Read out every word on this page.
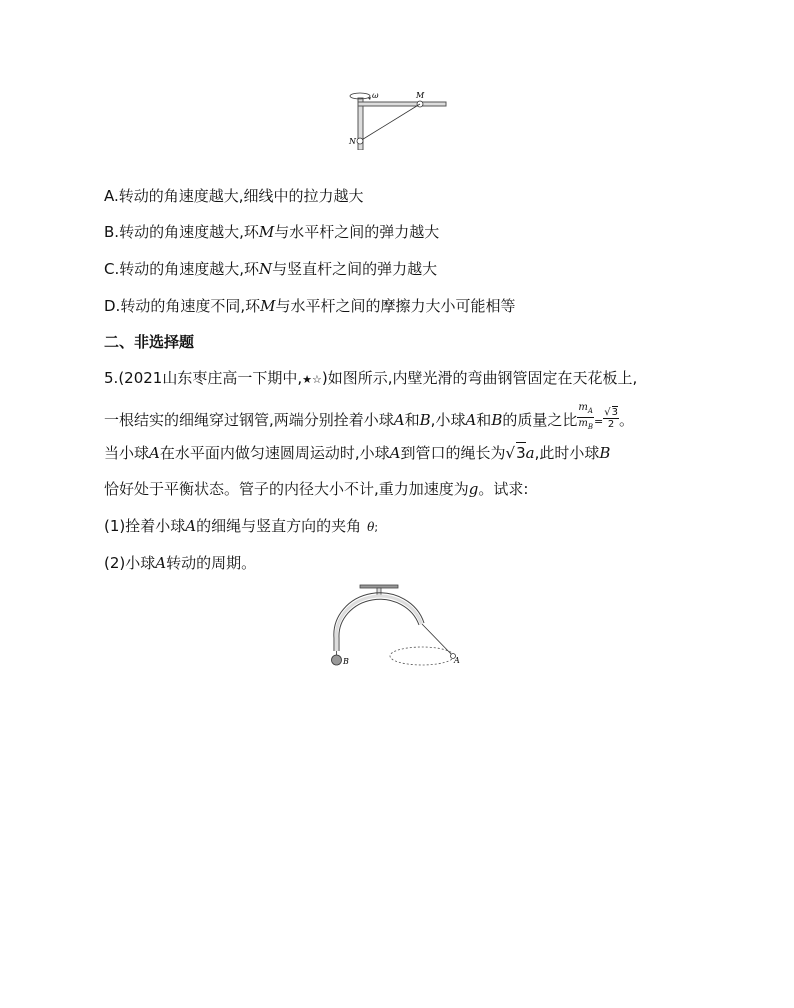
ω	M
N
A.转动的角速度越大,细线中的拉力越大
B.转动的角速度越大,环M与水平杆之间的弹力越大
C.转动的角速度越大,环N与竖直杆之间的弹力越大
D.转动的角速度不同,环M与水平杆之间的摩擦力大小可能相等
二、非选择题
5.(2021山东枣庄高一下期中,★☆)如图所示,内壁光滑的弯曲钢管固定在天花板上,
一根结实的细绳穿过钢管,两端分别拴着小球A和B,小球A和B的质量之比 $\frac{m_A}{m_B} = \frac{√3}{2}$ 。
当小球A在水平面内做匀速圆周运动时,小球A到管口的绳长为√3a,此时小球B
恰好处于平衡状态。管子的内径大小不计,重力加速度为g。试求:
(1)拴着小球A的细绳与竖直方向的夹角 θ;
(2)小球A转动的周期。
B	A
